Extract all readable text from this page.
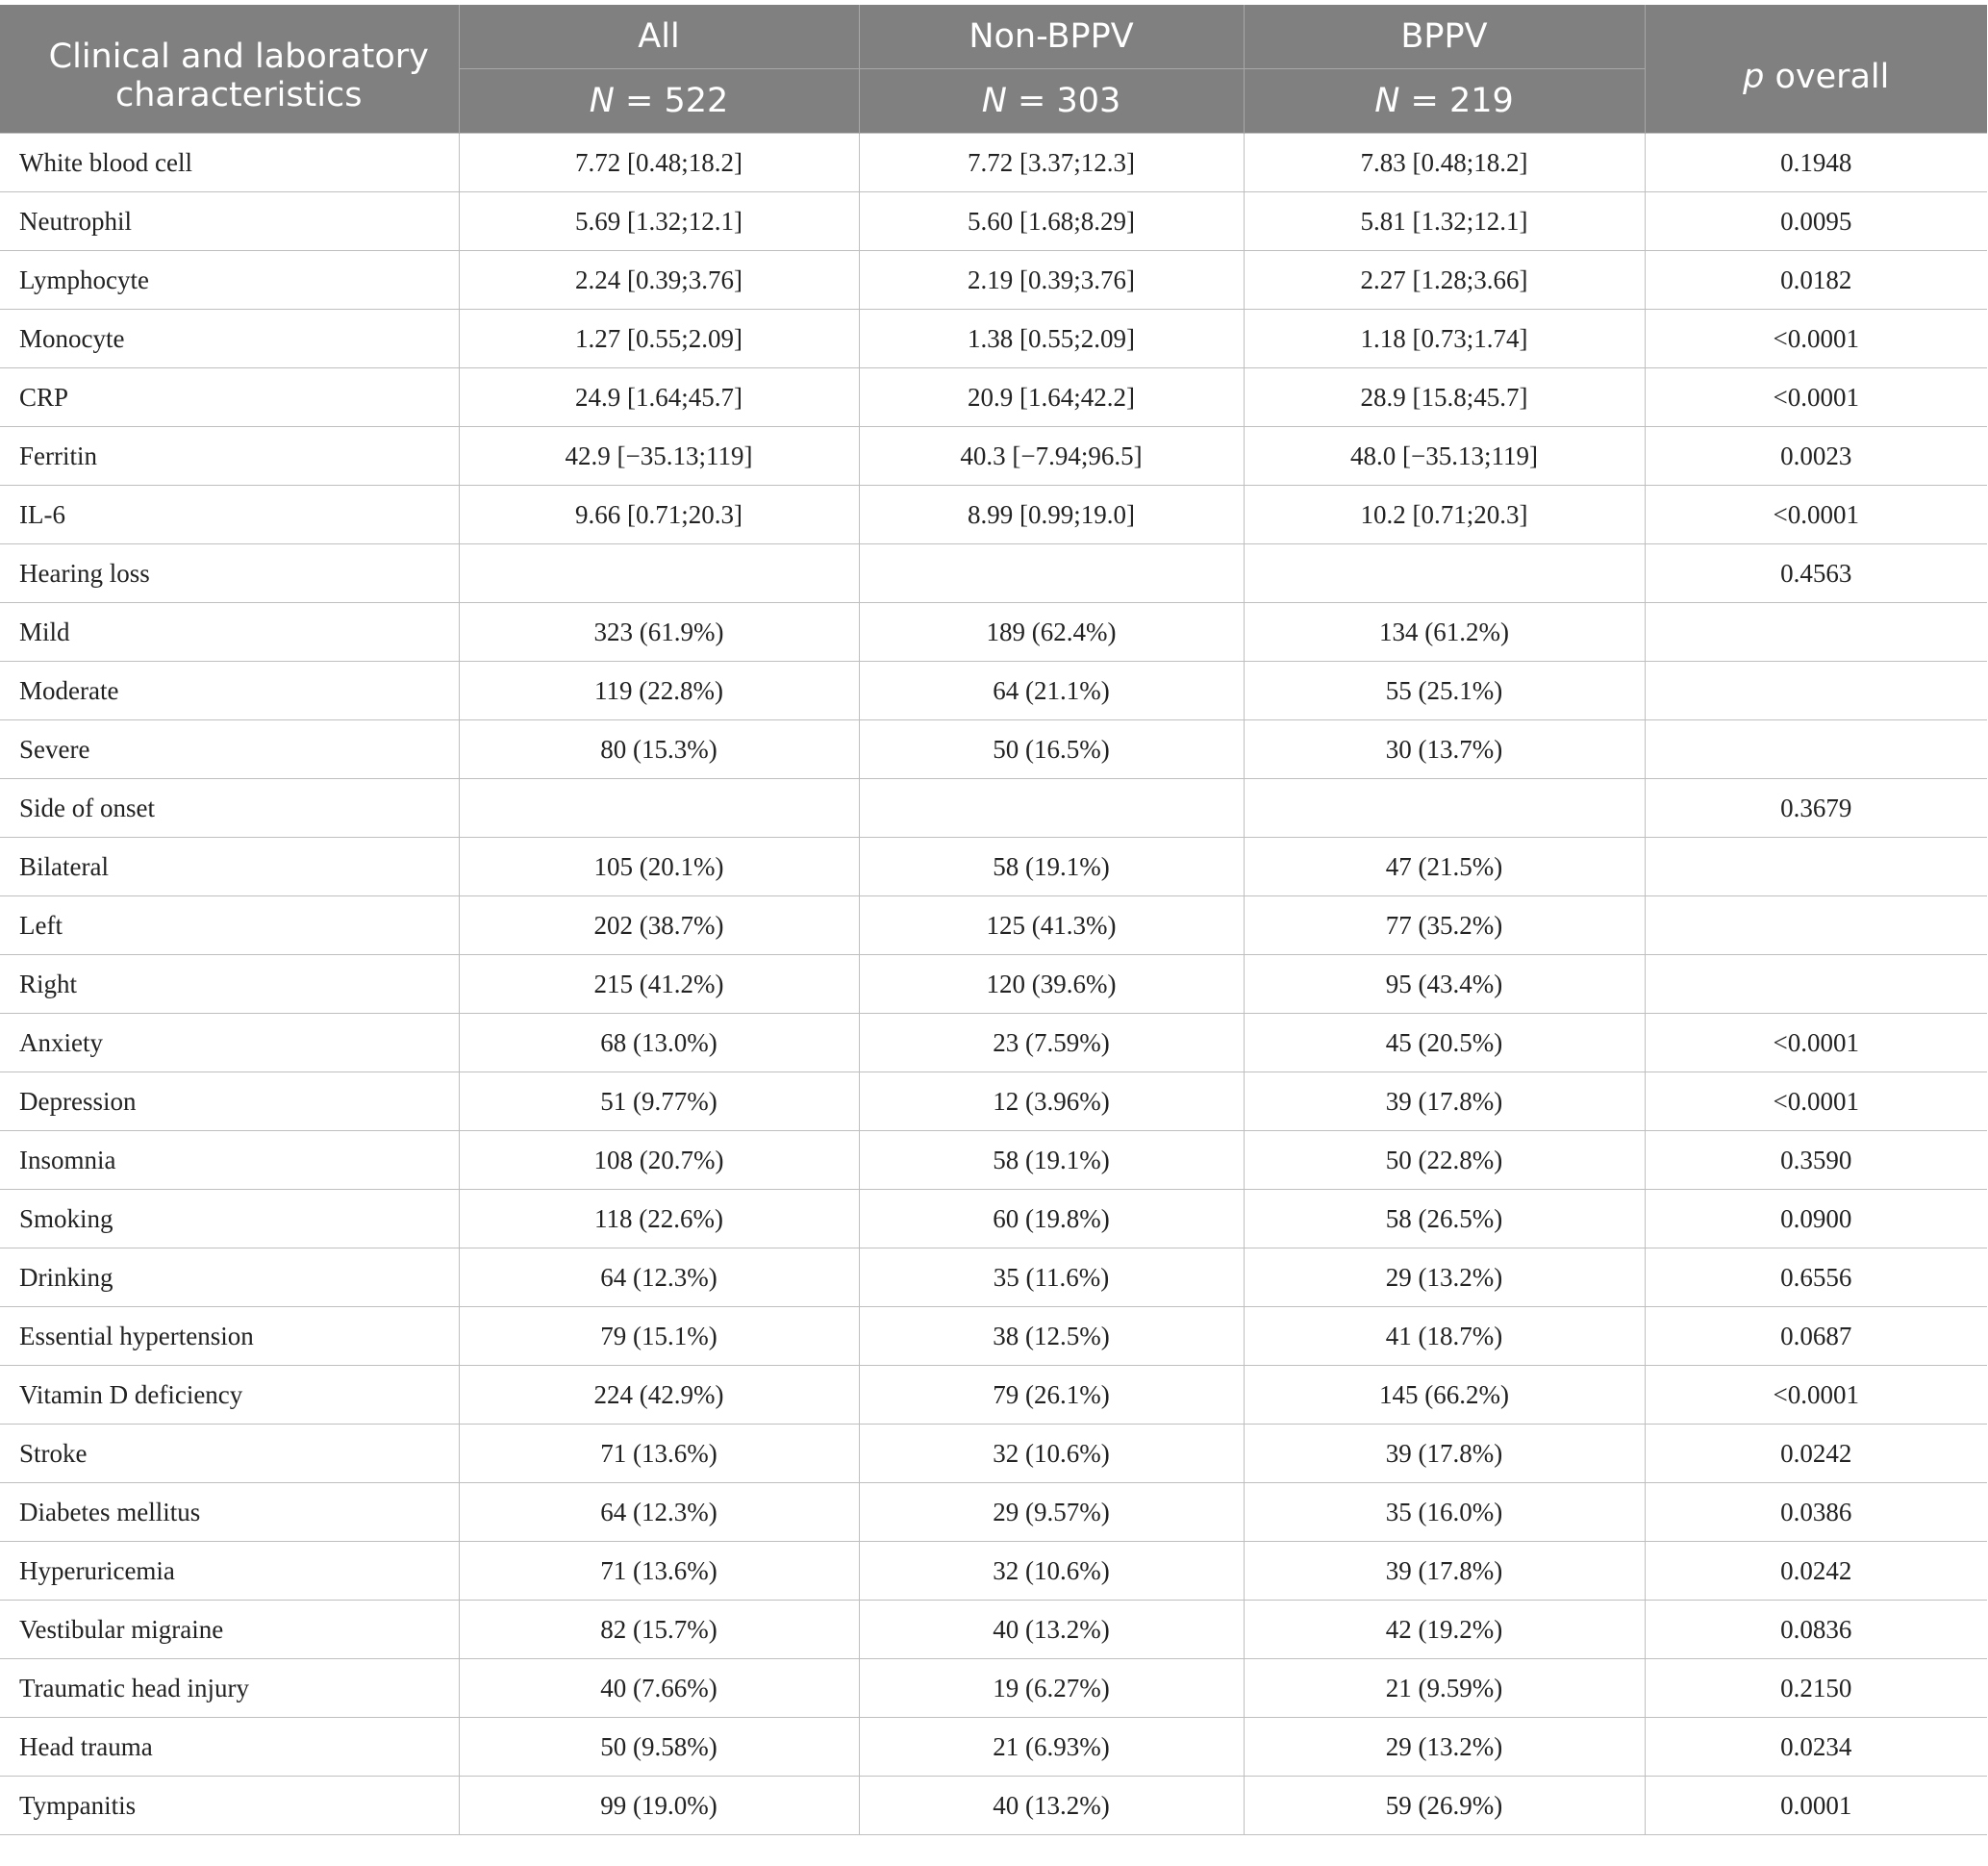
Clinical and laboratory characteristics	All	Non-BPPV	BPPV	p overall
	N = 522	N = 303	N = 219	
White blood cell	7.72 [0.48;18.2]	7.72 [3.37;12.3]	7.83 [0.48;18.2]	0.1948
Neutrophil	5.69 [1.32;12.1]	5.60 [1.68;8.29]	5.81 [1.32;12.1]	0.0095
Lymphocyte	2.24 [0.39;3.76]	2.19 [0.39;3.76]	2.27 [1.28;3.66]	0.0182
Monocyte	1.27 [0.55;2.09]	1.38 [0.55;2.09]	1.18 [0.73;1.74]	<0.0001
CRP	24.9 [1.64;45.7]	20.9 [1.64;42.2]	28.9 [15.8;45.7]	<0.0001
Ferritin	42.9 [−35.13;119]	40.3 [−7.94;96.5]	48.0 [−35.13;119]	0.0023
IL-6	9.66 [0.71;20.3]	8.99 [0.99;19.0]	10.2 [0.71;20.3]	<0.0001
Hearing loss				0.4563
Mild	323 (61.9%)	189 (62.4%)	134 (61.2%)	
Moderate	119 (22.8%)	64 (21.1%)	55 (25.1%)	
Severe	80 (15.3%)	50 (16.5%)	30 (13.7%)	
Side of onset				0.3679
Bilateral	105 (20.1%)	58 (19.1%)	47 (21.5%)	
Left	202 (38.7%)	125 (41.3%)	77 (35.2%)	
Right	215 (41.2%)	120 (39.6%)	95 (43.4%)	
Anxiety	68 (13.0%)	23 (7.59%)	45 (20.5%)	<0.0001
Depression	51 (9.77%)	12 (3.96%)	39 (17.8%)	<0.0001
Insomnia	108 (20.7%)	58 (19.1%)	50 (22.8%)	0.3590
Smoking	118 (22.6%)	60 (19.8%)	58 (26.5%)	0.0900
Drinking	64 (12.3%)	35 (11.6%)	29 (13.2%)	0.6556
Essential hypertension	79 (15.1%)	38 (12.5%)	41 (18.7%)	0.0687
Vitamin D deficiency	224 (42.9%)	79 (26.1%)	145 (66.2%)	<0.0001
Stroke	71 (13.6%)	32 (10.6%)	39 (17.8%)	0.0242
Diabetes mellitus	64 (12.3%)	29 (9.57%)	35 (16.0%)	0.0386
Hyperuricemia	71 (13.6%)	32 (10.6%)	39 (17.8%)	0.0242
Vestibular migraine	82 (15.7%)	40 (13.2%)	42 (19.2%)	0.0836
Traumatic head injury	40 (7.66%)	19 (6.27%)	21 (9.59%)	0.2150
Head trauma	50 (9.58%)	21 (6.93%)	29 (13.2%)	0.0234
Tympanitis	99 (19.0%)	40 (13.2%)	59 (26.9%)	0.0001
